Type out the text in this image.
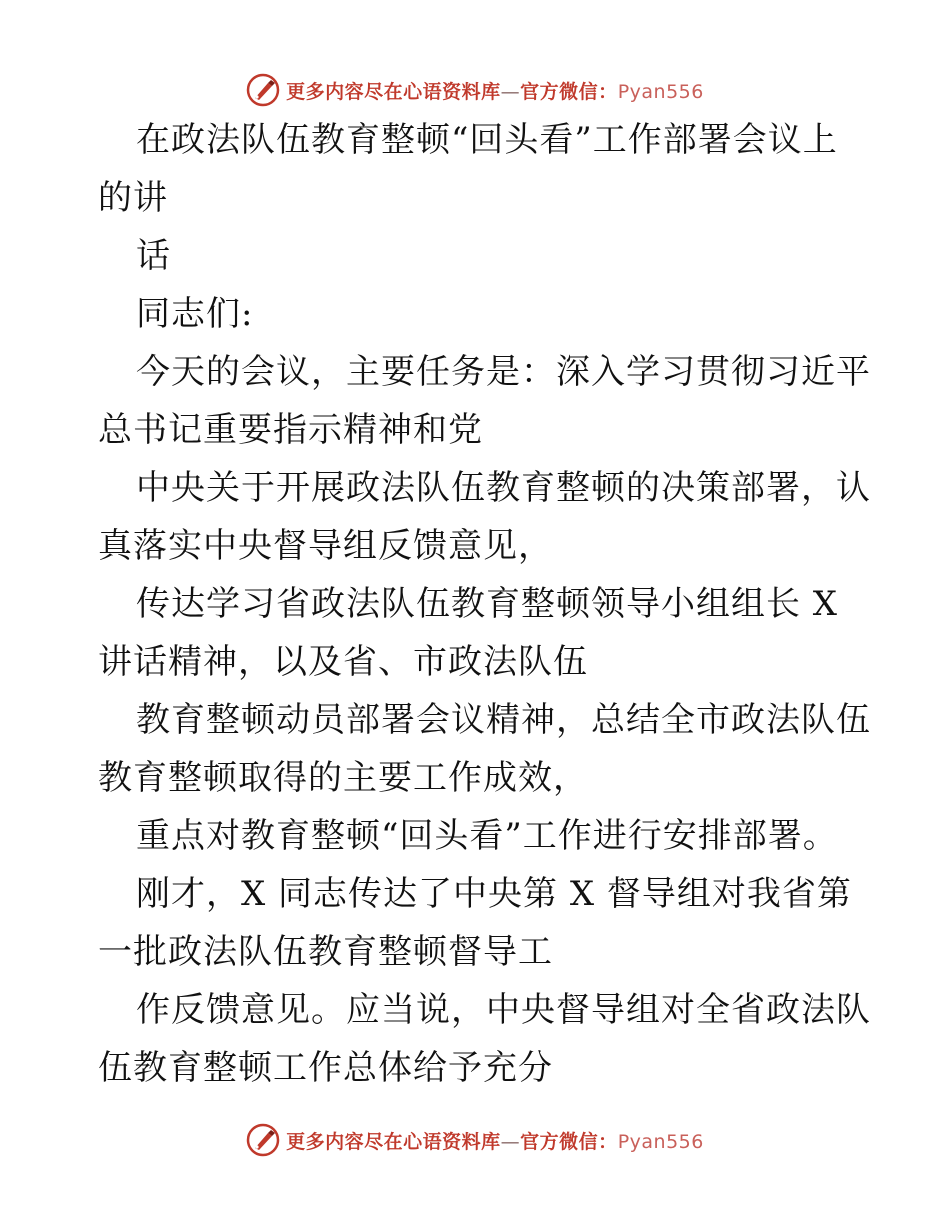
更多内容尽在心语资料库—官方微信：Pyan556
在政法队伍教育整顿“回头看”工作部署会议上
的讲
话
同志们:
今天的会议，主要任务是：深入学习贯彻习近平
总书记重要指示精神和党
中央关于开展政法队伍教育整顿的决策部署，认
真落实中央督导组反馈意见，
传达学习省政法队伍教育整顿领导小组组长 X
讲话精神，以及省、市政法队伍
教育整顿动员部署会议精神，总结全市政法队伍
教育整顿取得的主要工作成效，
重点对教育整顿“回头看”工作进行安排部署。
刚才，X 同志传达了中央第 X 督导组对我省第
一批政法队伍教育整顿督导工
作反馈意见。应当说，中央督导组对全省政法队
伍教育整顿工作总体给予充分
更多内容尽在心语资料库—官方微信：Pyan556
